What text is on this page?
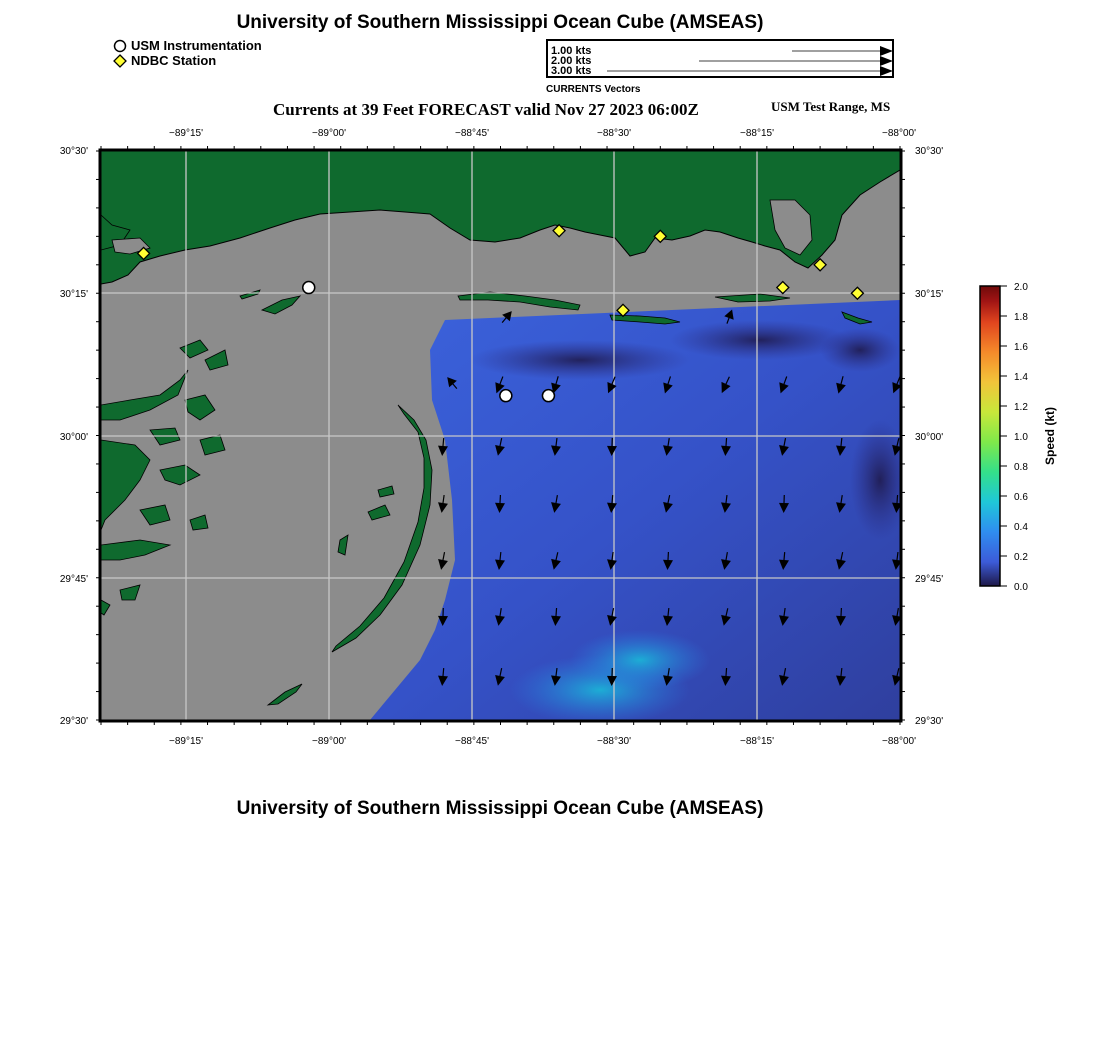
University of Southern Mississippi Ocean Cube (AMSEAS)
USM Instrumentation
NDBC Station
1.00 kts
2.00 kts
3.00 kts
CURRENTS Vectors
Currents at 39 Feet FORECAST valid Nov 27 2023 06:00Z	USM Test Range, MS
−89°15'	−89°00'	−88°45'	−88°30'	−88°15'	−88°00'
−89°15'	−89°00'	−88°45'	−88°30'	−88°15'	−88°00'
30°30'
30°15'
30°00'
29°45'
29°30'
30°30'
30°15'
30°00'
29°45'
29°30'
2.0
1.8
1.6
1.4
1.2
1.0
0.8
0.6
0.4
0.2
0.0
Speed (kt)
University of Southern Mississippi Ocean Cube (AMSEAS)
